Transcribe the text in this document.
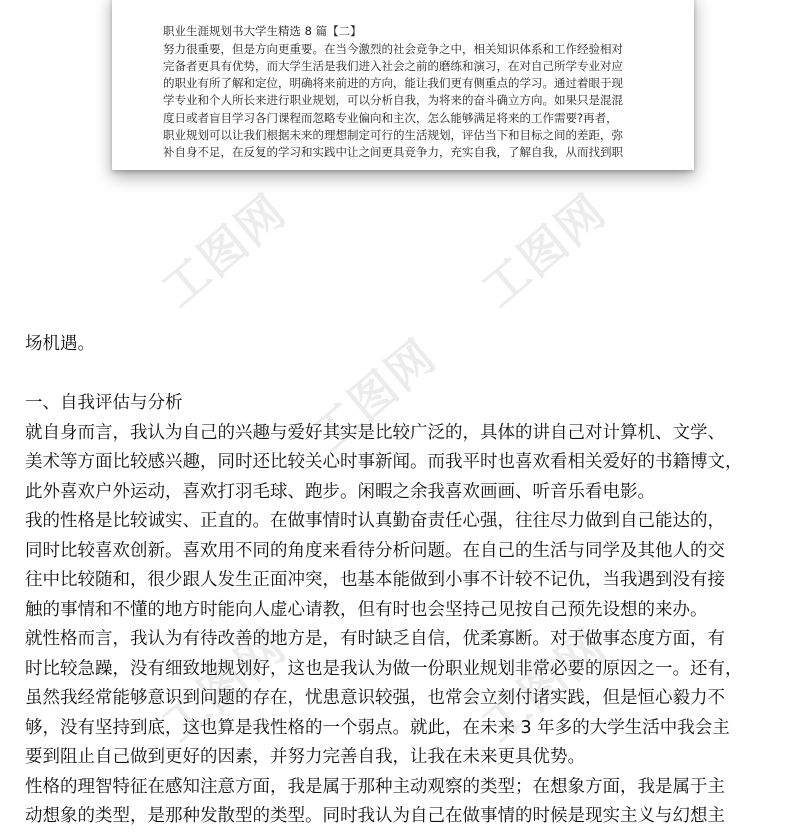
工图网	工图网
工图网
工图网	工图网
职业生涯规划书大学生精选 8 篇【二】
努力很重要，但是方向更重要。在当今激烈的社会竞争之中，相关知识体系和工作经验相对
完备者更具有优势，而大学生活是我们进入社会之前的磨练和演习，在对自己所学专业对应
的职业有所了解和定位，明确将来前进的方向，能让我们更有侧重点的学习。通过着眼于现
学专业和个人所长来进行职业规划，可以分析自我，为将来的奋斗确立方向。如果只是混混
度日或者盲目学习各门课程而忽略专业偏向和主次，怎么能够满足将来的工作需要?再者，
职业规划可以让我们根据未来的理想制定可行的生活规划，评估当下和目标之间的差距，弥
补自身不足，在反复的学习和实践中让之间更具竞争力，充实自我，了解自我，从而找到职
场机遇。
一、自我评估与分析
就自身而言，我认为自己的兴趣与爱好其实是比较广泛的，具体的讲自己对计算机、文学、
美术等方面比较感兴趣，同时还比较关心时事新闻。而我平时也喜欢看相关爱好的书籍博文，
此外喜欢户外运动，喜欢打羽毛球、跑步。闲暇之余我喜欢画画、听音乐看电影。
我的性格是比较诚实、正直的。在做事情时认真勤奋责任心强，往往尽力做到自己能达的，
同时比较喜欢创新。喜欢用不同的角度来看待分析问题。在自己的生活与同学及其他人的交
往中比较随和，很少跟人发生正面冲突，也基本能做到小事不计较不记仇，当我遇到没有接
触的事情和不懂的地方时能向人虚心请教，但有时也会坚持己见按自己预先设想的来办。
就性格而言，我认为有待改善的地方是，有时缺乏自信，优柔寡断。对于做事态度方面，有
时比较急躁，没有细致地规划好，这也是我认为做一份职业规划非常必要的原因之一。还有，
虽然我经常能够意识到问题的存在，忧患意识较强，也常会立刻付诸实践，但是恒心毅力不
够，没有坚持到底，这也算是我性格的一个弱点。就此，在未来 3 年多的大学生活中我会主
要到阻止自己做到更好的因素，并努力完善自我，让我在未来更具优势。
性格的理智特征在感知注意方面，我是属于那种主动观察的类型；在想象方面，我是属于主
动想象的类型，是那种发散型的类型。同时我认为自己在做事情的时候是现实主义与幻想主
